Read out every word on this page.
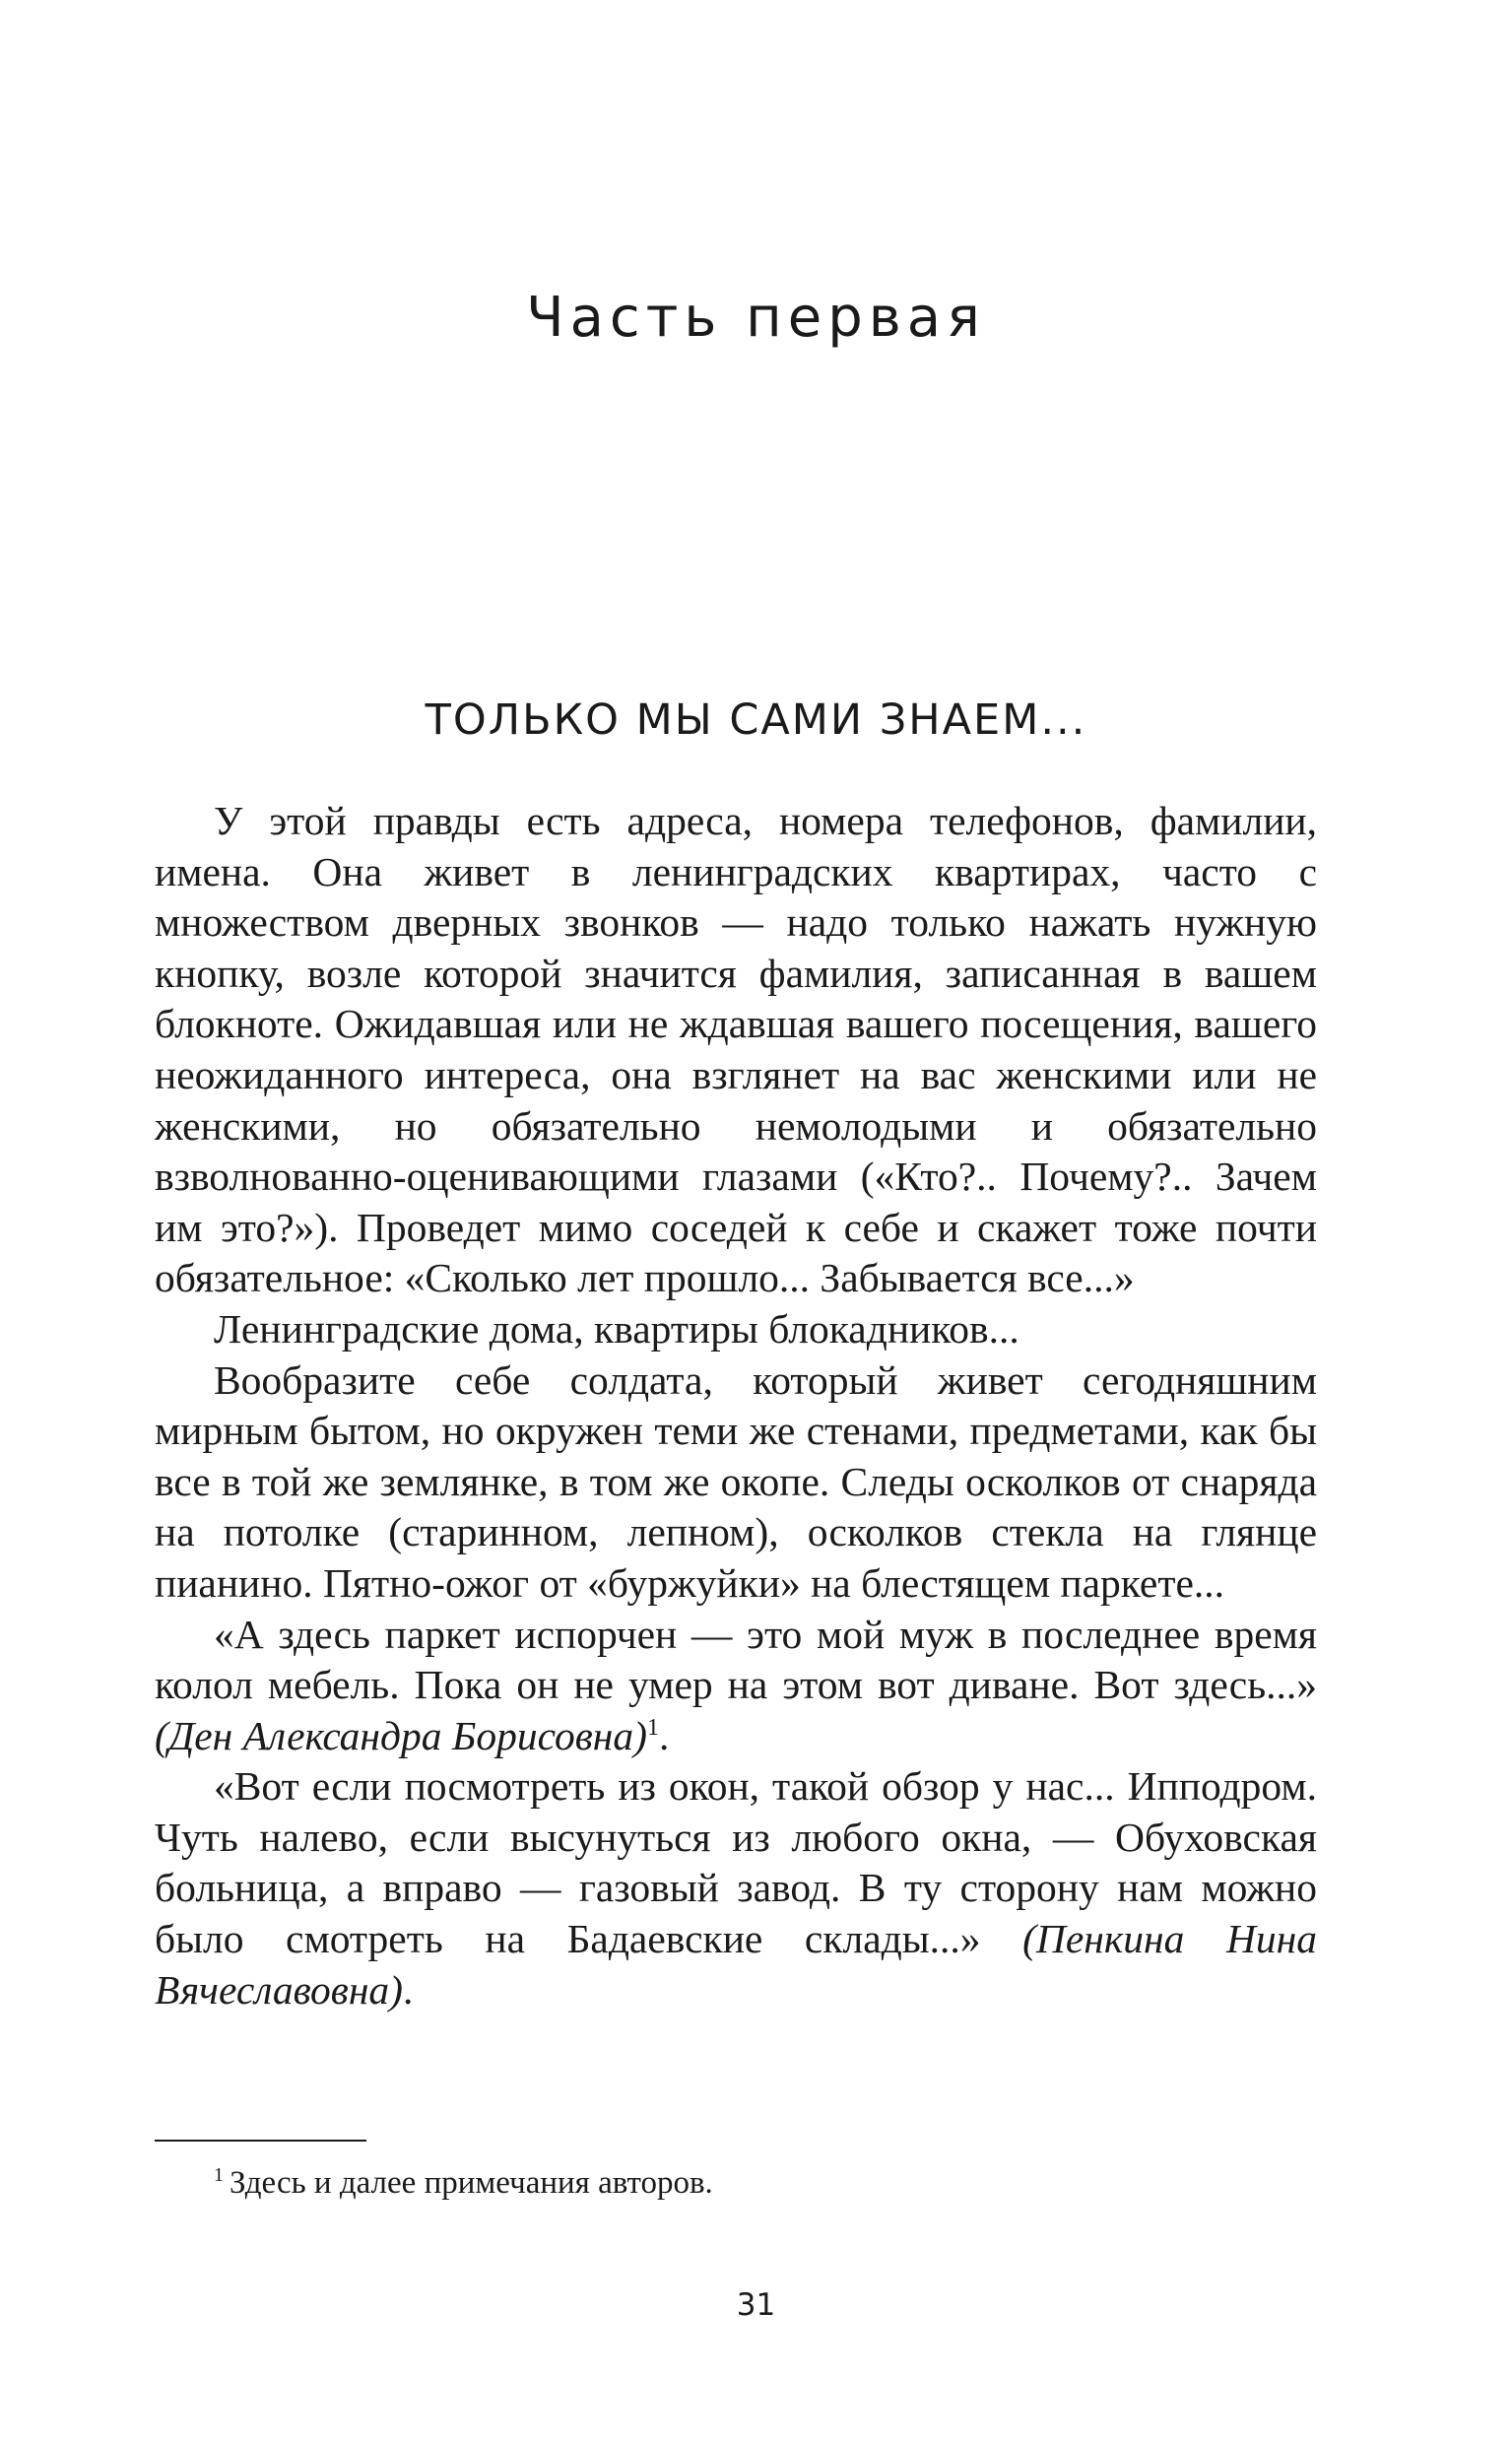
Часть первая
ТОЛЬКО МЫ САМИ ЗНАЕМ...

У этой правды есть адреса, номера телефонов, фамилии, имена. Она живет в ленинградских квартирах, часто с множеством дверных звонков — надо только нажать нужную кнопку, возле которой значится фамилия, записанная в вашем блокноте. Ожидавшая или не ждавшая вашего посещения, вашего неожиданного интереса, она взглянет на вас женскими или не женскими, но обязательно немолодыми и обязательно взволнованно-оценивающими глазами («Кто?.. Почему?.. Зачем им это?»). Проведет мимо соседей к себе и скажет тоже почти обязательное: «Сколько лет прошло... Забывается все...»

Ленинградские дома, квартиры блокадников...

Вообразите себе солдата, который живет сегодняшним мирным бытом, но окружен теми же стенами, предметами, как бы все в той же землянке, в том же окопе. Следы осколков от снаряда на потолке (старинном, лепном), осколков стекла на глянце пианино. Пятно-ожог от «буржуйки» на блестящем паркете...

«А здесь паркет испорчен — это мой муж в последнее время колол мебель. Пока он не умер на этом вот диване. Вот здесь...» (Ден Александра Борисовна)$^1$.

«Вот если посмотреть из окон, такой обзор у нас... Ипподром. Чуть налево, если высунуться из любого окна, — Обуховская больница, а вправо — газовый завод. В ту сторону нам можно было смотреть на Бадаевские склады...» (Пенкина Нина Вячеславовна).

$^1$ Здесь и далее примечания авторов.
31
